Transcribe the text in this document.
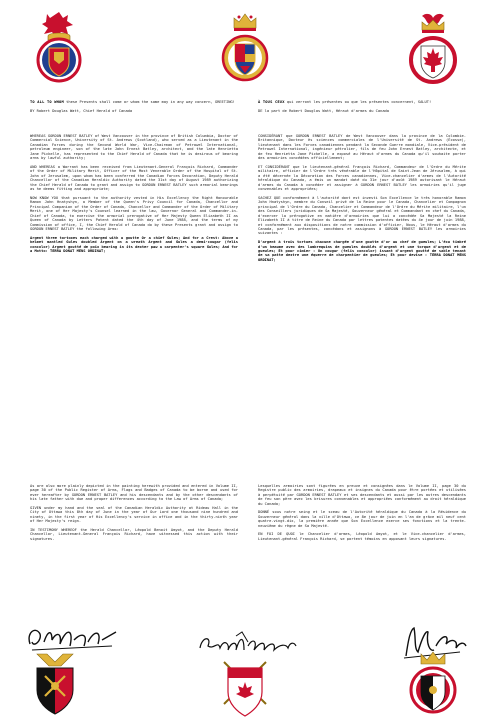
TO ALL TO WHOM these Presents shall come or whom the same may in any way concern, GREETING!

BY Robert Douglas Watt, Chief Herald of Canada

À TOUS CEUX qui verront les présentes ou que les présentes concernent, SALUT!

DE la part de Robert Douglas Watt, Héraut d'armes du Canada

WHEREAS GORDON ERNEST BATLEY of West Vancouver in the province of British Columbia, Doctor of Commercial Science, University of St. Andrews (Scotland), who served as a Lieutenant in the Canadian Forces during the Second World War, Vice-Chairman of Petrowel International, petroleum engineer, son of the late John Ernest Batley, architect, and the late Henrietta Jane Pickelle, has represented to the Chief Herald of Canada that he is desirous of bearing arms by lawful authority;

AND WHEREAS a Warrant has been received from Lieutenant-General François Richard, Commander of the Order of Military Merit, Officer of the Most Venerable Order of the Hospital of St. John of Jerusalem, upon whom has been conferred the Canadian Forces Decoration, Deputy Herald Chancellor of the Canadian Heraldic Authority dated the 31st day of August 1989 authorizing the Chief Herald of Canada to grant and assign to GORDON ERNEST BATLEY such armorial bearings as he deems fitting and appropriate;

NOW KNOW YOU that pursuant to the authority vested in His Excellency the Right Honourable Ramon John Hnatyshyn, a Member of the Queen's Privy Council for Canada, Chancellor and Principal Companion of the Order of Canada, Chancellor and Commander of the Order of Military Merit, one of Her Majesty's Counsel learned in the law, Governor General and Commander-in-Chief of Canada, to exercise the armorial prerogative of Her Majesty Queen Elizabeth II as Queen of Canada by Letters Patent dated the 4th day of June 1988, and the terms of my Commission of office, I, the Chief Herald of Canada do by these Presents grant and assign to GORDON ERNEST BATLEY the following Arms:

Argent three tortoxes each charged with a goutte Or a chief Gules; And for a Crest: Above a helmet mantled Gules doubled Argent on a wreath Argent and Gules a demi-cougar (felis concolor) Argent goutté de poix bearing in its dexter paw a carpenter's square Gules; And for a Motto: TERRA DONAT MENS ORDINAT;

As are also more plainly depicted in the painting herewith provided and entered in Volume II, page 30 of the Public Register of Arms, Flags and Badges of Canada to be borne and used for ever hereafter by GORDON ERNEST BATLEY and his descendants and by the other descendants of his late father with due and proper differences according to the Law of Arms of Canada;

GIVEN under my hand and the seal of the Canadian Heraldic Authority at Rideau Hall in the City of Ottawa this 8th day of June in the year of Our Lord one thousand nine hundred and ninety, in the first year of His Excellency's service in office and in the thirty-ninth year of Her Majesty's reign.

IN TESTIMONY WHEREOF the Herald Chancellor, Léopold Benoit Amyot, and the Deputy Herald Chancellor, Lieutenant-General François Richard, have witnessed this action with their signatures.

CONSIDÉRANT que GORDON ERNEST BATLEY de West Vancouver dans la province de la Colombie-Britannique, Docteur ès sciences commerciales de l'Université de St. Andrews (Écosse), lieutenant dans les Forces canadiennes pendant la Seconde Guerre mondiale, Vice-président de Petrowel International, ingénieur pétrolier, fils de feu John Ernest Batley, architecte, et de feu Henrietta Jane Pickelle, a exposé au Héraut d'armes du Canada qu'il souhaite porter des armoiries concédées officiellement;

ET CONSIDÉRANT que le lieutenant-général François Richard, Commandeur de l'Ordre du Mérite militaire, officier de l'Ordre très vénérable de l'Hôpital de Saint-Jean de Jérusalem, à qui a été décernée la Décoration des Forces canadiennes, Vice-chancelier d'armes de l'Autorité héraldique du Canada, a émis un mandat daté du 31e jour d'août 1989 autorisant le Héraut d'armes du Canada à concéder et assigner à GORDON ERNEST BATLEY les armoiries qu'il juge convenables et appropriées;

SACHEZ QUE conformément à l'autorité dont est investi Son Excellence le très honorable Ramon John Hnatyshyn, membre du Conseil privé de la Reine pour le Canada, Chancelier et Compagnon principal de l'Ordre du Canada, Chancelier et Commandeur de l'Ordre du Mérite militaire, l'un des Conseillers juridiques de Sa Majesté, Gouverneur général et Commandant en chef du Canada, d'exercer la prérogative en matière d'armoiries que lui a concédée Sa Majesté la Reine Elizabeth II à titre de Reine du Canada par lettres patentes datées du 4e jour de juin 1988, et conformément aux dispositions de notre commission d'officier, Nous, le Héraut d'armes du Canada, par les présentes, concédons et assignons à GORDON ERNEST BATLEY les armoiries suivantes :

D'argent à trois tortues chacune chargée d'une goutte d'or au chef de gueules; L'écu timbré d'un heaume avec des lambrequins de gueules doublés d'argent et une torque d'argent et de gueules; Et pour cimier : Un cougar (felis concolor) issant d'argent goutté de sable tenant de sa patte dextre une équerre de charpentier de gueules; Et pour devise : TERRA DONAT MENS ORDINAT;

Lesquelles armoiries sont figurées en preuve et consignées dans le Volume II, page 30 du Registre public des armoiries, drapeaux et insignes du Canada pour être portées et utilisées à perpétuité par GORDON ERNEST BATLEY et ses descendants et aussi par les autres descendants de feu son père avec les brisures convenables et appropriées conformément au droit héraldique du Canada;

DONNÉ sous notre seing et le sceau de l'Autorité héraldique du Canada à la Résidence du Gouverneur général dans la ville d'Ottawa, ce 8e jour de juin en l'an de grâce mil neuf cent quatre-vingt-dix, la première année que Son Excellence exerce ses fonctions et la trente-neuvième du règne de Sa Majesté.

EN FOI DE QUOI le Chancelier d'armes, Léopold Amyot, et le Vice-chancelier d'armes, Lieutenant-général François Richard, se portent témoins en apposant leurs signatures.
